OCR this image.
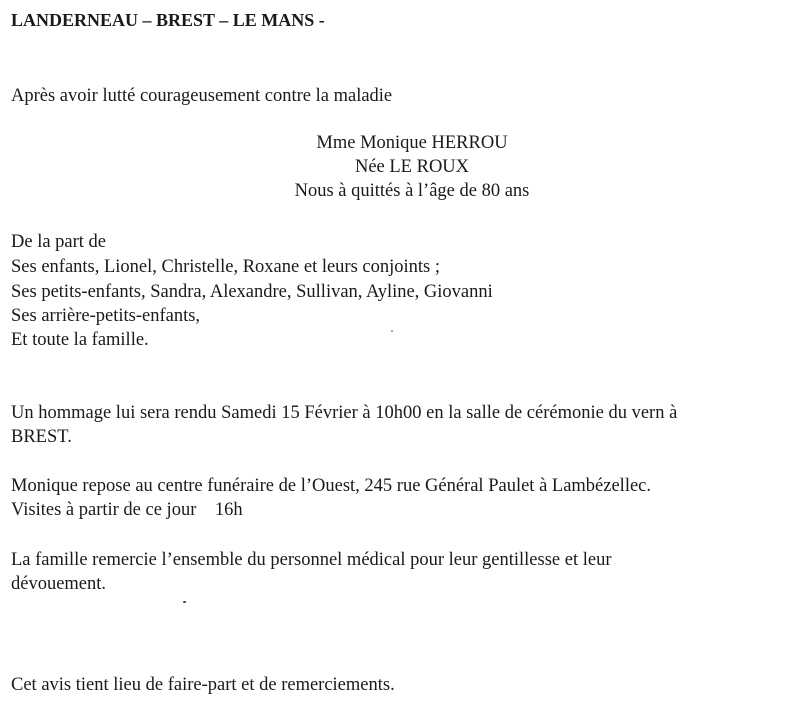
LANDERNEAU – BREST – LE MANS -
Après avoir lutté courageusement contre la maladie
Mme Monique HERROU
Née LE ROUX
Nous à quittés à l’âge de 80 ans
De la part de
Ses enfants, Lionel, Christelle, Roxane et leurs conjoints ;
Ses petits-enfants, Sandra, Alexandre, Sullivan, Ayline, Giovanni
Ses arrière-petits-enfants,
Et toute la famille.
Un hommage lui sera rendu Samedi 15 Février à 10h00 en la salle de cérémonie du vern à
BREST.
Monique repose au centre funéraire de l’Ouest, 245 rue Général Paulet à Lambézellec.
Visites à partir de ce jour    16h
La famille remercie l’ensemble du personnel médical pour leur gentillesse et leur
dévouement.
Cet avis tient lieu de faire-part et de remerciements.
